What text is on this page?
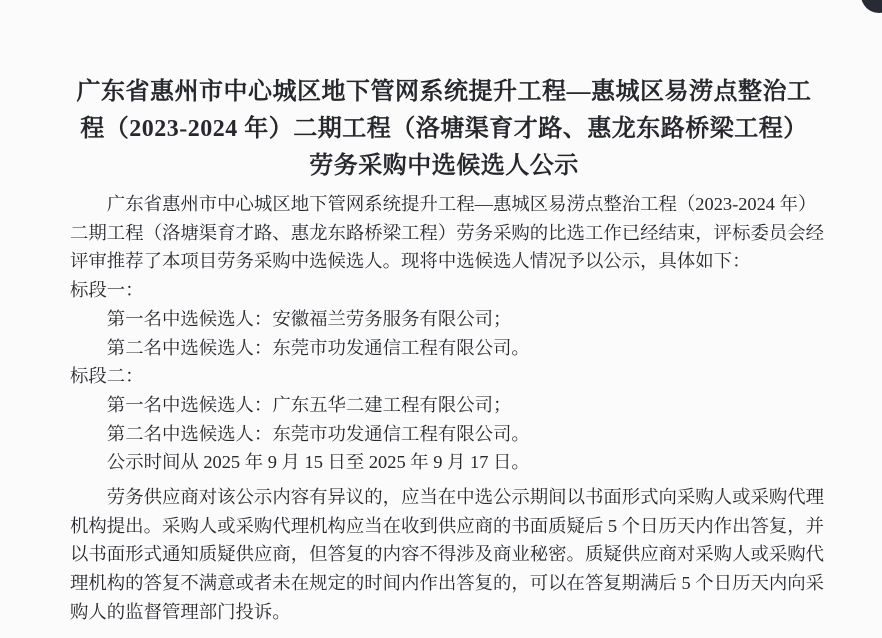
广东省惠州市中心城区地下管网系统提升工程—惠城区易涝点整治工
程（2023-2024 年）二期工程（洛塘渠育才路、惠龙东路桥梁工程）
劳务采购中选候选人公示
广东省惠州市中心城区地下管网系统提升工程—惠城区易涝点整治工程（2023-2024 年）
二期工程（洛塘渠育才路、惠龙东路桥梁工程）劳务采购的比选工作已经结束，评标委员会经
评审推荐了本项目劳务采购中选候选人。现将中选候选人情况予以公示，具体如下：
标段一：
第一名中选候选人：安徽福兰劳务服务有限公司；
第二名中选候选人：东莞市功发通信工程有限公司。
标段二：
第一名中选候选人：广东五华二建工程有限公司；
第二名中选候选人：东莞市功发通信工程有限公司。
公示时间从 2025 年 9 月 15 日至 2025 年 9 月 17 日。
劳务供应商对该公示内容有异议的，应当在中选公示期间以书面形式向采购人或采购代理
机构提出。采购人或采购代理机构应当在收到供应商的书面质疑后 5 个日历天内作出答复，并
以书面形式通知质疑供应商，但答复的内容不得涉及商业秘密。质疑供应商对采购人或采购代
理机构的答复不满意或者未在规定的时间内作出答复的，可以在答复期满后 5 个日历天内向采
购人的监督管理部门投诉。
